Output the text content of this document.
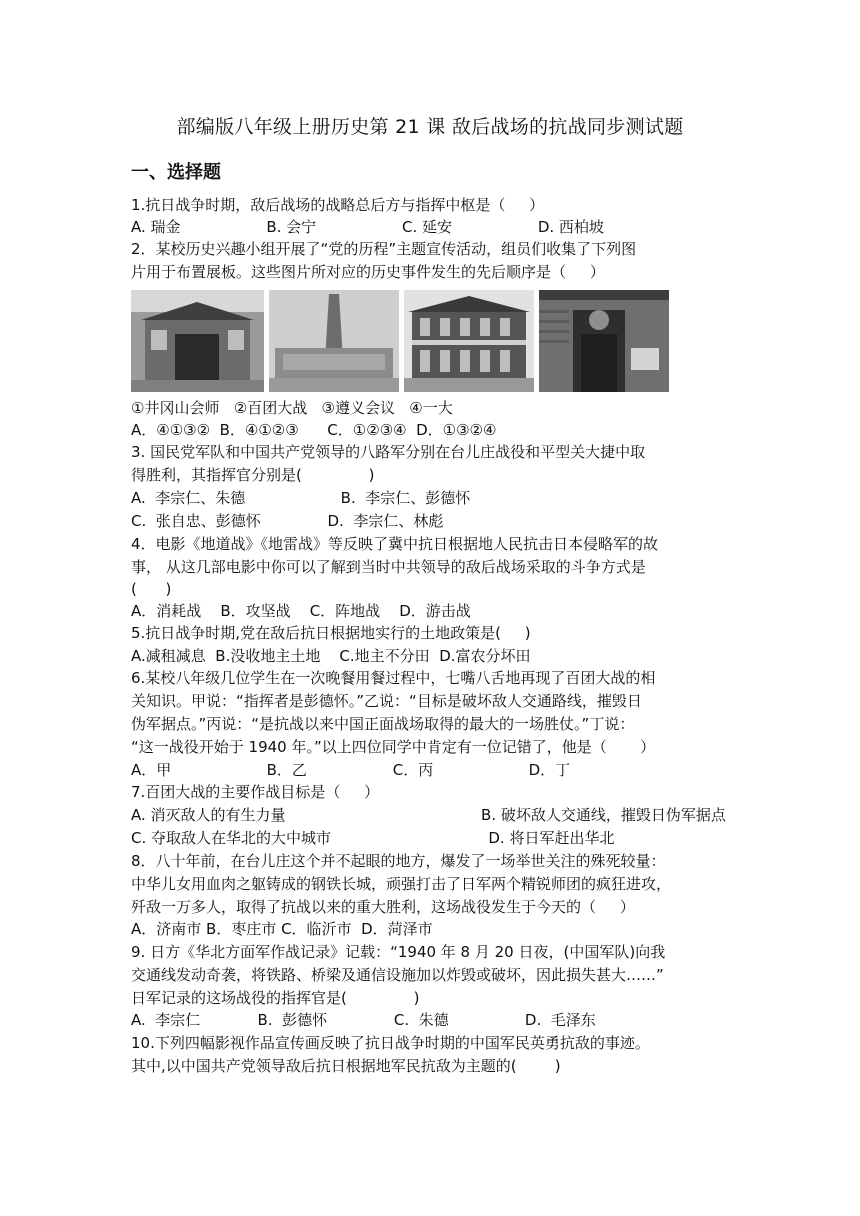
部编版八年级上册历史第 21 课 敌后战场的抗战同步测试题
一、选择题
1.抗日战争时期，敌后战场的战略总后方与指挥中枢是（     ）
A. 瑞金                  B. 会宁                  C. 延安                  D. 西柏坡
2．某校历史兴趣小组开展了“党的历程”主题宣传活动，组员们收集了下列图
片用于布置展板。这些图片所对应的历史事件发生的先后顺序是（     ）
①井冈山会师   ②百团大战   ③遵义会议   ④一大
A．④①③②  B．④①②③      C．①②③④  D．①③②④
3. 国民党军队和中国共产党领导的八路军分别在台儿庄战役和平型关大捷中取
得胜利，其指挥官分别是(              )
A.  李宗仁、朱德                    B.  李宗仁、彭德怀
C.  张自忠、彭德怀              D.  李宗仁、林彪
4．电影《地道战》《地雷战》等反映了冀中抗日根据地人民抗击日本侵略军的故
事， 从这几部电影中你可以了解到当时中共领导的敌后战场采取的斗争方式是
(      )
A．消耗战    B．攻坚战    C．阵地战    D．游击战
5.抗日战争时期,党在敌后抗日根据地实行的土地政策是(     )
A.减租减息  B.没收地主土地    C.地主不分田  D.富农分坏田
6.某校八年级几位学生在一次晚餐用餐过程中，七嘴八舌地再现了百团大战的相
关知识。甲说：“指挥者是彭德怀。”乙说：“目标是破坏敌人交通路线，摧毁日
伪军据点。”丙说：“是抗战以来中国正面战场取得的最大的一场胜仗。”丁说：
“这一战役开始于 1940 年。”以上四位同学中肯定有一位记错了，他是（       ）
A．甲                    B．乙                  C．丙                    D．丁
7.百团大战的主要作战目标是（     ）
A. 消灭敌人的有生力量                                         B. 破坏敌人交通线，摧毁日伪军据点
C. 夺取敌人在华北的大中城市                                 D. 将日军赶出华北
8．八十年前，在台儿庄这个并不起眼的地方，爆发了一场举世关注的殊死较量：
中华儿女用血肉之躯铸成的钢铁长城，顽强打击了日军两个精锐师团的疯狂进攻，
歼敌一万多人，取得了抗战以来的重大胜利，这场战役发生于今天的（     ）
A．济南市 B．枣庄市 C．临沂市  D．菏泽市
9. 日方《华北方面军作战记录》记载：“1940 年 8 月 20 日夜，(中国军队)向我
交通线发动奇袭，将铁路、桥梁及通信设施加以炸毁或破坏，因此损失甚大……”
日军记录的这场战役的指挥官是(              )
A.  李宗仁            B.  彭德怀              C.  朱德                D.  毛泽东
10.下列四幅影视作品宣传画反映了抗日战争时期的中国军民英勇抗敌的事迹。
其中,以中国共产党领导敌后抗日根据地军民抗敌为主题的(        )
